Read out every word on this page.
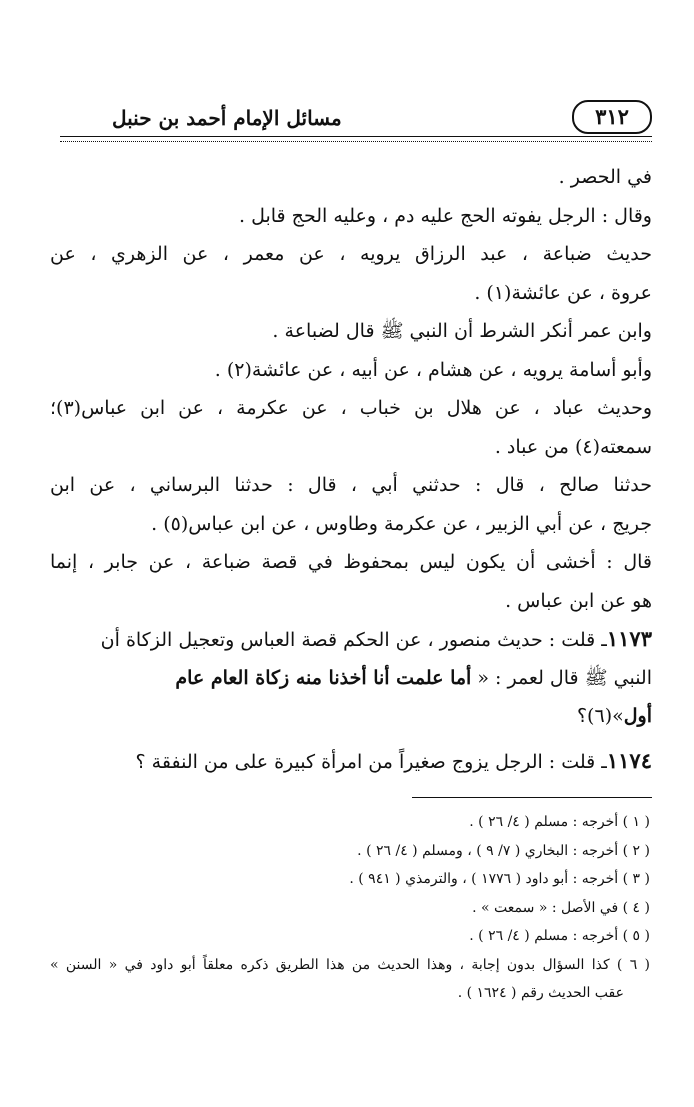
مسائل الإمام أحمد بن حنبل	٣١٢
في الحصر .
وقال : الرجل يفوته الحج عليه دم ، وعليه الحج قابل .
حديث ضباعة ، عبد الرزاق يرويه ، عن معمر ، عن الزهري ، عن
عروة ، عن عائشة(١) .
وابن عمر أنكر الشرط أن النبي ﷺ قال لضباعة .
وأبو أسامة يرويه ، عن هشام ، عن أبيه ، عن عائشة(٢) .
وحديث عباد ، عن هلال بن خباب ، عن عكرمة ، عن ابن عباس(٣)؛
سمعته(٤) من عباد .
حدثنا صالح ، قال : حدثني أبي ، قال : حدثنا البرساني ، عن ابن
جريج ، عن أبي الزبير ، عن عكرمة وطاوس ، عن ابن عباس(٥) .
قال : أخشى أن يكون ليس بمحفوظ في قصة ضباعة ، عن جابر ، إنما
هو عن ابن عباس .
١١٧٣ـ قلت : حديث منصور ، عن الحكم قصة العباس وتعجيل الزكاة أن
النبي ﷺ قال لعمر : « أما علمت أنا أخذنا منه زكاة العام عام
أول»(٦)؟
١١٧٤ـ قلت : الرجل يزوج صغيراً من امرأة كبيرة على من النفقة ؟
( ١ ) أخرجه : مسلم ( ٤/ ٢٦ ) .
( ٢ ) أخرجه : البخاري ( ٧/ ٩ ) ، ومسلم ( ٤/ ٢٦ ) .
( ٣ ) أخرجه : أبو داود ( ١٧٧٦ ) ، والترمذي ( ٩٤١ ) .
( ٤ ) في الأصل : « سمعت » .
( ٥ ) أخرجه : مسلم ( ٤/ ٢٦ ) .
( ٦ ) كذا السؤال بدون إجابة ، وهذا الحديث من هذا الطريق ذكره معلقاً أبو داود في « السنن »
عقب الحديث رقم ( ١٦٢٤ ) .
